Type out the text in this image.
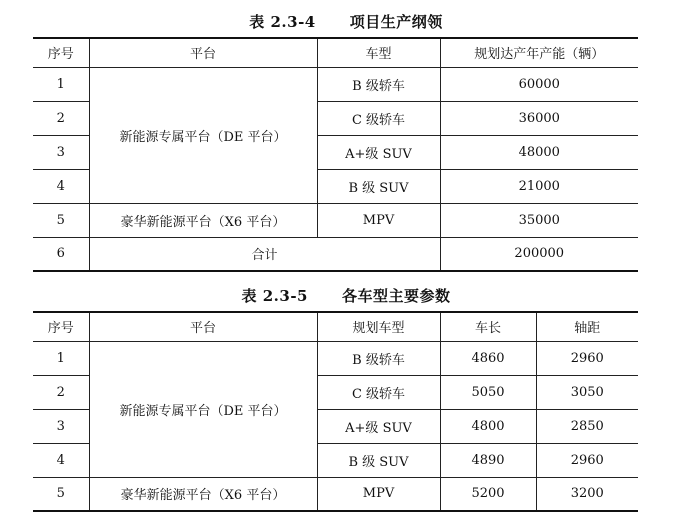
表 2.3-4 项目生产纲领
序号	平台	车型	规划达产年产能（辆）
1	新能源专属平台（DE 平台）	B 级轿车	60000
2		C 级轿车	36000
3		A+级 SUV	48000
4		B 级 SUV	21000
5	豪华新能源平台（X6 平台）	MPV	35000
6	合计		200000
表 2.3-5 各车型主要参数
序号	平台	规划车型	车长	轴距
1	新能源专属平台（DE 平台）	B 级轿车	4860	2960
2		C 级轿车	5050	3050
3		A+级 SUV	4800	2850
4		B 级 SUV	4890	2960
5	豪华新能源平台（X6 平台）	MPV	5200	3200
